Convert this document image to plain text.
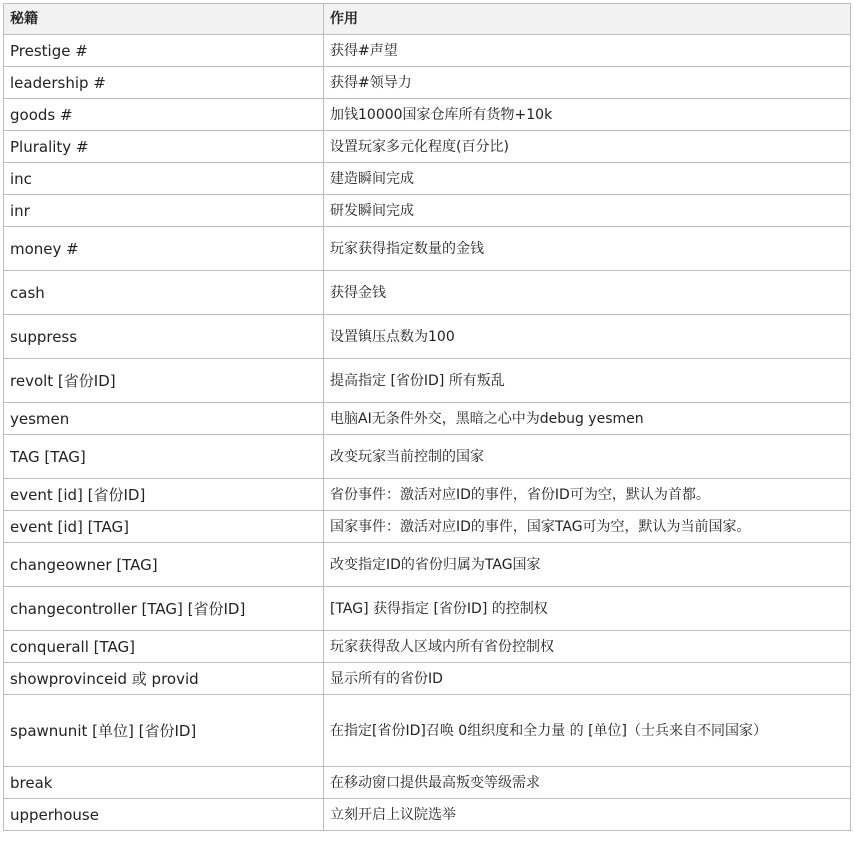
秘籍	作用
Prestige #	获得#声望
leadership #	获得#领导力
goods #	加钱10000国家仓库所有货物+10k
Plurality #	设置玩家多元化程度(百分比)
inc	建造瞬间完成
inr	研发瞬间完成
money #	玩家获得指定数量的金钱
cash	获得金钱
suppress	设置镇压点数为100
revolt [省份ID]	提高指定 [省份ID] 所有叛乱
yesmen	电脑AI无条件外交，黑暗之心中为debug yesmen
TAG [TAG]	改变玩家当前控制的国家
event [id] [省份ID]	省份事件：激活对应ID的事件，省份ID可为空，默认为首都。
event [id] [TAG]	国家事件：激活对应ID的事件，国家TAG可为空，默认为当前国家。
changeowner [TAG]	改变指定ID的省份归属为TAG国家
changecontroller [TAG] [省份ID]	[TAG] 获得指定 [省份ID] 的控制权
conquerall [TAG]	玩家获得敌人区域内所有省份控制权
showprovinceid 或 provid	显示所有的省份ID
spawnunit [单位] [省份ID]	在指定[省份ID]召唤 0组织度和全力量 的 [单位]（士兵来自不同国家）
break	在移动窗口提供最高叛变等级需求
upperhouse	立刻开启上议院选举
